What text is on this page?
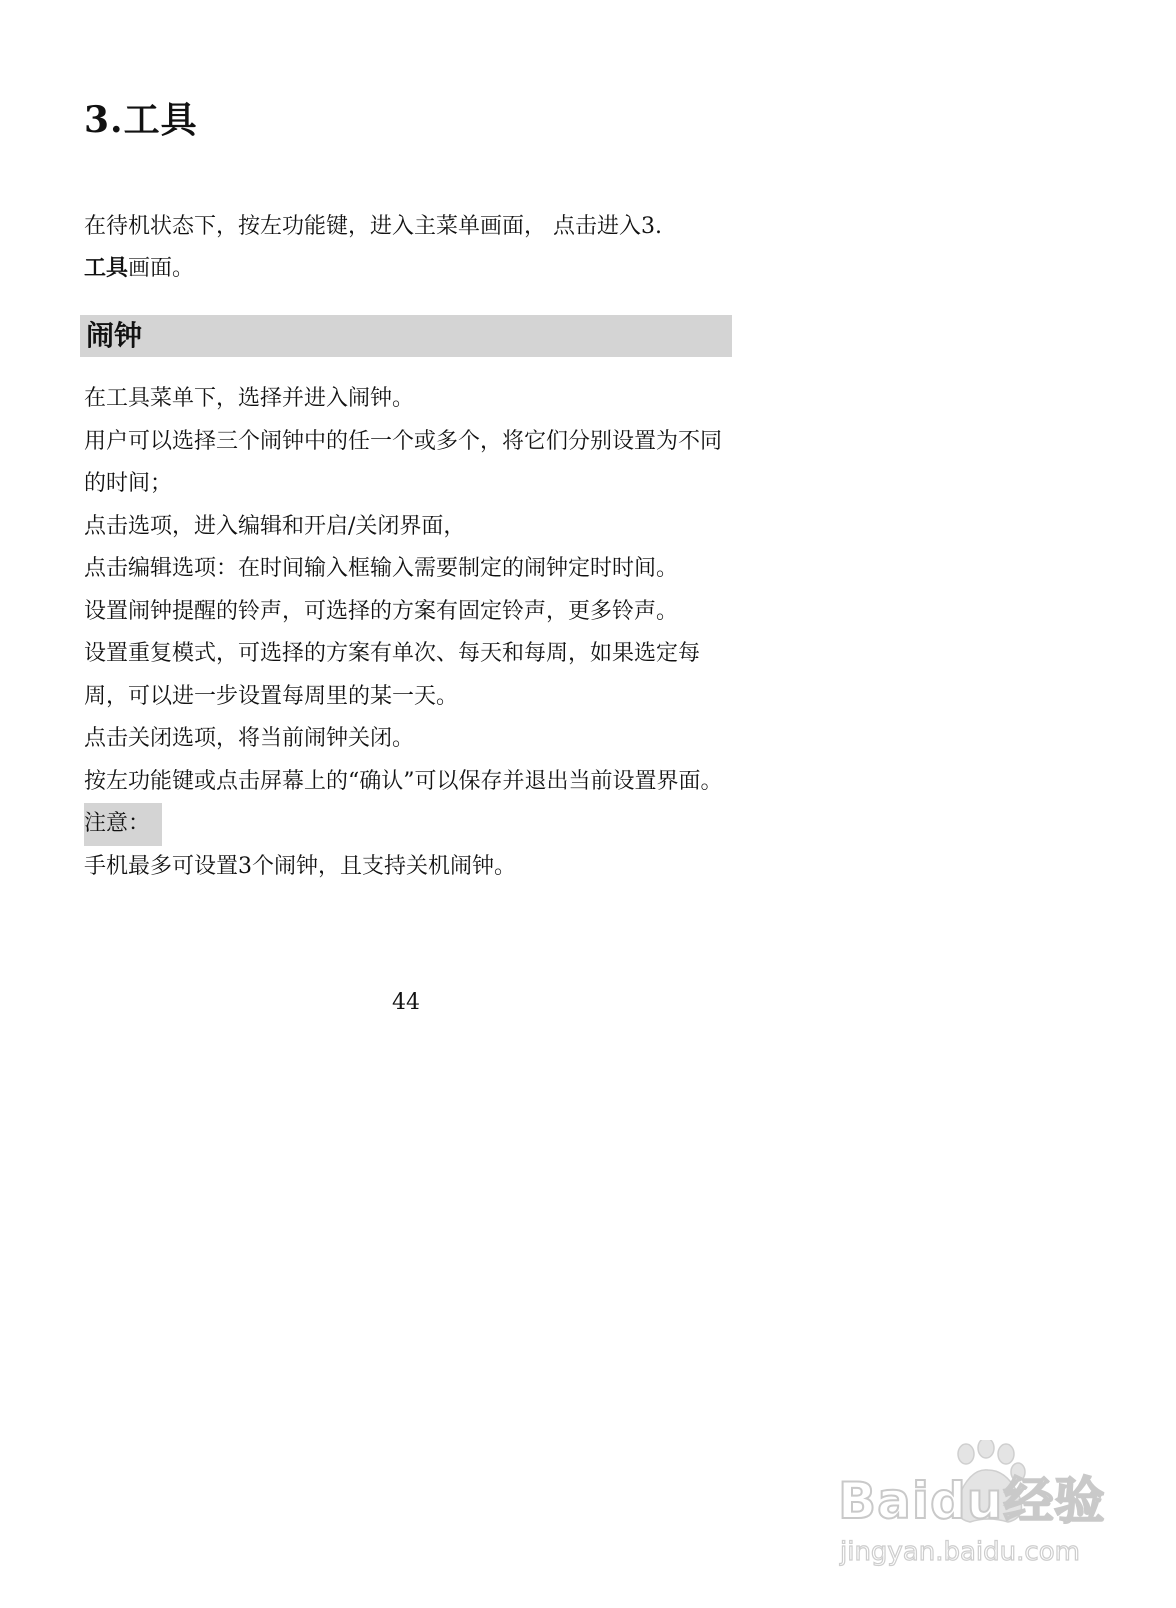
3.工具

在待机状态下，按左功能键，进入主菜单画面， 点击进入3.
工具画面。

闹钟

在工具菜单下，选择并进入闹钟。

用户可以选择三个闹钟中的任一个或多个，将它们分别设置为不同的时间；

点击选项，进入编辑和开启/关闭界面，

点击编辑选项：在时间输入框输入需要制定的闹钟定时时间。

设置闹钟提醒的铃声，可选择的方案有固定铃声，更多铃声。

设置重复模式，可选择的方案有单次、每天和每周，如果选定每周，可以进一步设置每周里的某一天。

点击关闭选项，将当前闹钟关闭。

按左功能键或点击屏幕上的“确认”可以保存并退出当前设置界面。

注意：

手机最多可设置3个闹钟，且支持关机闹钟。

44
Baidu经验
jingyan.baidu.com
